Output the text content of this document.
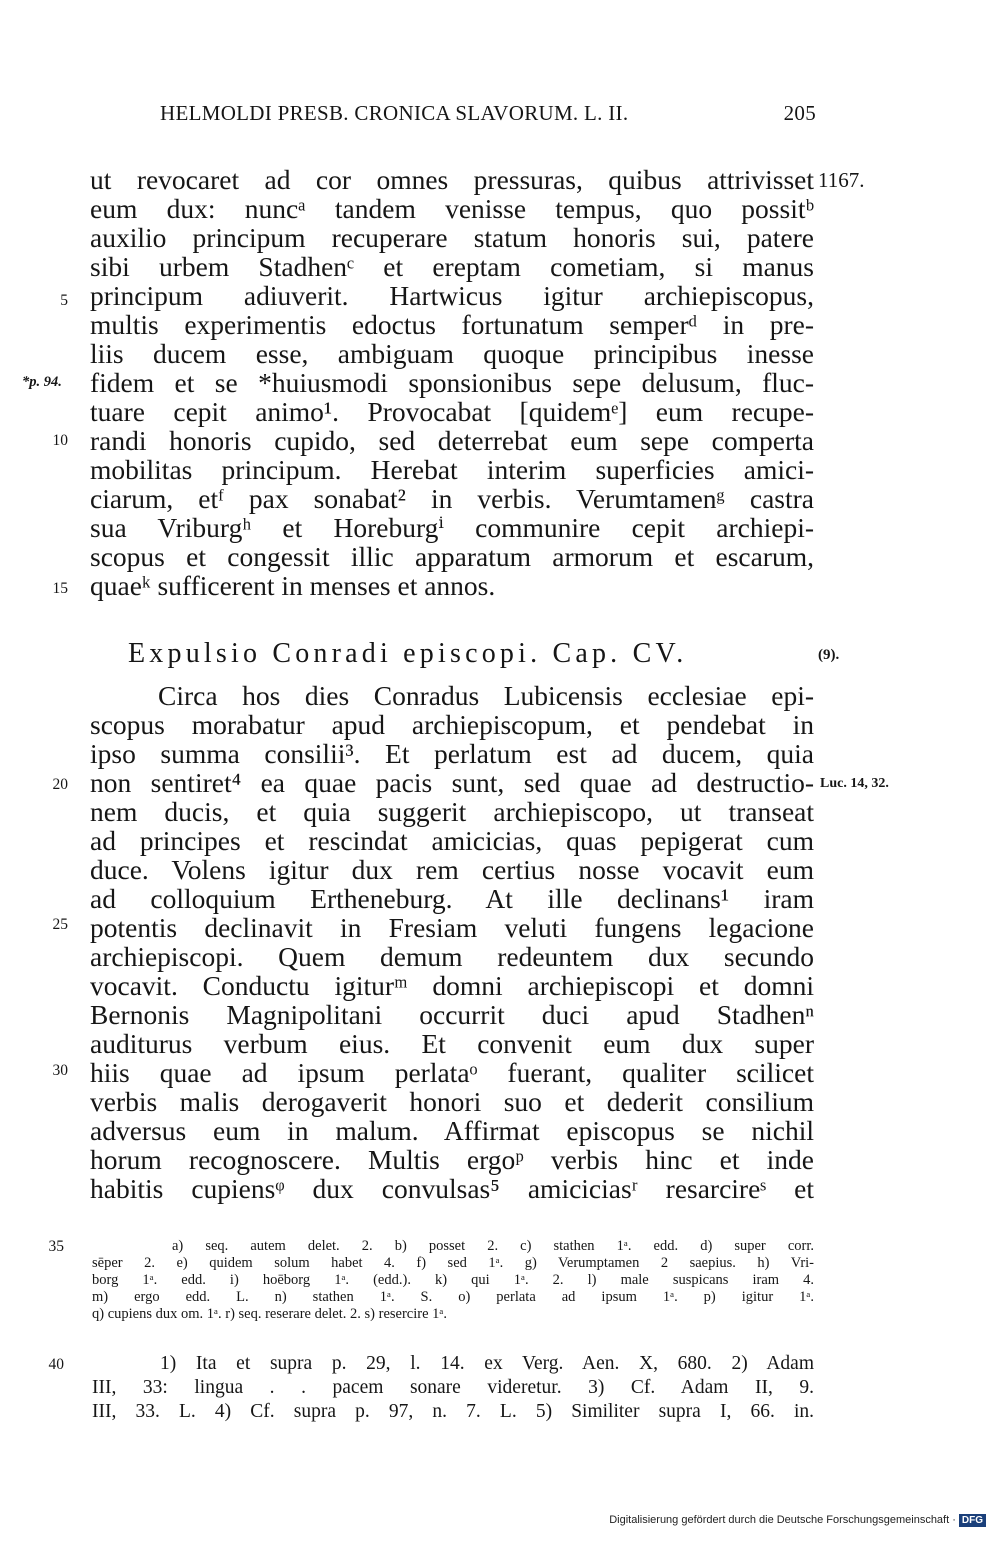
HELMOLDI PRESB. CRONICA SLAVORUM. L. II.	205
1167.
*p. 94.
Luc. 14, 32.
5
10
15
20
25
30
35
40
ut revocaret ad cor omnes pressuras, quibus attrivisset
eum dux: nuncᵃ tandem venisse tempus, quo possitᵇ
auxilio principum recuperare statum honoris sui, patere
sibi urbem Stadhenᶜ et ereptam cometiam, si manus
principum adiuverit. Hartwicus igitur archiepiscopus,
multis experimentis edoctus fortunatum semperᵈ in pre-
liis ducem esse, ambiguam quoque principibus inesse
fidem et se *huiusmodi sponsionibus sepe delusum, fluc-
tuare cepit animo¹. Provocabat [quidemᵉ] eum recupe-
randi honoris cupido, sed deterrebat eum sepe comperta
mobilitas principum. Herebat interim superficies amici-
ciarum, etᶠ pax sonabat² in verbis. Verumtamenᵍ castra
sua Vriburgʰ et Horeburgⁱ communire cepit archiepi-
scopus et congessit illic apparatum armorum et escarum,
quaeᵏ sufficerent in menses et annos.
Expulsio Conradi episcopi. Cap. CV.	(9).
Circa hos dies Conradus Lubicensis ecclesiae epi-
scopus morabatur apud archiepiscopum, et pendebat in
ipso summa consilii³. Et perlatum est ad ducem, quia
non sentiret⁴ ea quae pacis sunt, sed quae ad destructio-
nem ducis, et quia suggerit archiepiscopo, ut transeat
ad principes et rescindat amicicias, quas pepigerat cum
duce. Volens igitur dux rem certius nosse vocavit eum
ad colloquium Ertheneburg. At ille declinans¹ iram
potentis declinavit in Fresiam veluti fungens legacione
archiepiscopi. Quem demum redeuntem dux secundo
vocavit. Conductu igiturᵐ domni archiepiscopi et domni
Bernonis Magnipolitani occurrit duci apud Stadhenⁿ
auditurus verbum eius. Et convenit eum dux super
hiis quae ad ipsum perlataᵒ fuerant, qualiter scilicet
verbis malis derogaverit honori suo et dederit consilium
adversus eum in malum. Affirmat episcopus se nichil
horum recognoscere. Multis ergoᵖ verbis hinc et inde
habitis cupiensᵠ dux convulsas⁵ amiciciasʳ resarcireˢ et
a) seq. autem delet. 2. b) posset 2. c) stathen 1ᵃ. edd. d) super corr.
sēper 2. e) quidem solum habet 4. f) sed 1ᵃ. g) Verumptamen 2 saepius. h) Vri-
borg 1ᵃ. edd. i) hoēborg 1ᵃ. (edd.). k) qui 1ᵃ. 2. l) male suspicans iram 4.
m) ergo edd. L. n) stathen 1ᵃ. S. o) perlata ad ipsum 1ᵃ. p) igitur 1ᵃ.
q) cupiens dux om. 1ᵃ. r) seq. reserare delet. 2. s) resercire 1ᵃ.
1) Ita et supra p. 29, l. 14. ex Verg. Aen. X, 680. 2) Adam
III, 33: lingua . . pacem sonare videretur. 3) Cf. Adam II, 9.
III, 33. L. 4) Cf. supra p. 97, n. 7. L. 5) Similiter supra I, 66. in.
Digitalisierung gefördert durch die Deutsche Forschungsgemeinschaft · DFG
